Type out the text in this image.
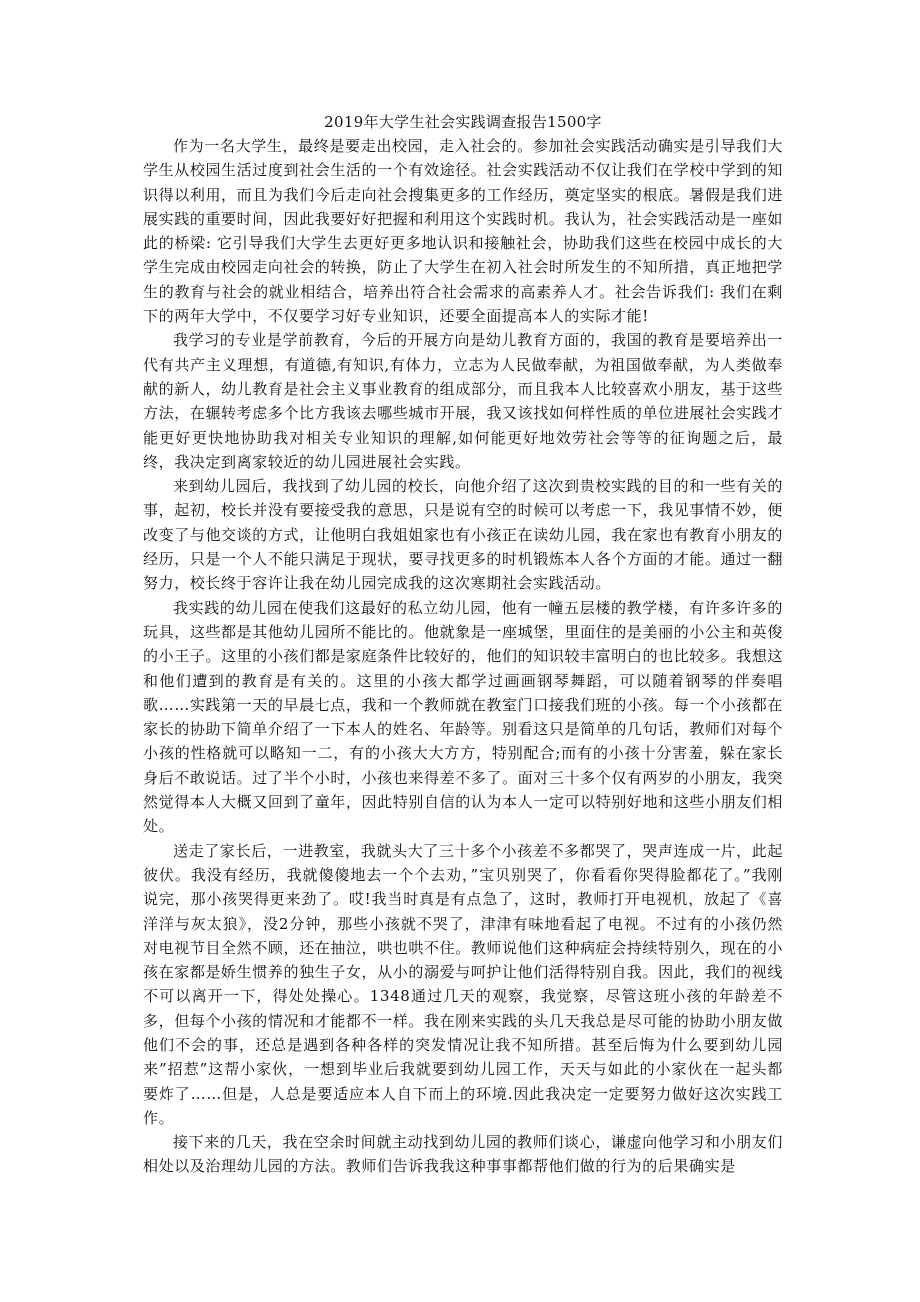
2019年大学生社会实践调查报告1500字

作为一名大学生，最终是要走出校园，走入社会的。参加社会实践活动确实是引导我们大学生从校园生活过度到社会生活的一个有效途径。社会实践活动不仅让我们在学校中学到的知识得以利用，而且为我们今后走向社会搜集更多的工作经历，奠定坚实的根底。暑假是我们进展实践的重要时间，因此我要好好把握和利用这个实践时机。我认为，社会实践活动是一座如此的桥梁: 它引导我们大学生去更好更多地认识和接触社会，协助我们这些在校园中成长的大学生完成由校园走向社会的转换，防止了大学生在初入社会时所发生的不知所措，真正地把学生的教育与社会的就业相结合，培养出符合社会需求的高素养人才。社会告诉我们: 我们在剩下的两年大学中，不仅要学习好专业知识，还要全面提高本人的实际才能!

我学习的专业是学前教育，今后的开展方向是幼儿教育方面的，我国的教育是要培养出一代有共产主义理想，有道德,有知识,有体力，立志为人民做奉献，为祖国做奉献，为人类做奉献的新人，幼儿教育是社会主义事业教育的组成部分，而且我本人比较喜欢小朋友，基于这些方法，在辗转考虑多个比方我该去哪些城市开展，我又该找如何样性质的单位进展社会实践才能更好更快地协助我对相关专业知识的理解,如何能更好地效劳社会等等的征询题之后，最终，我决定到离家较近的幼儿园进展社会实践。

来到幼儿园后，我找到了幼儿园的校长，向他介绍了这次到贵校实践的目的和一些有关的事，起初，校长并没有要接受我的意思，只是说有空的时候可以考虑一下，我见事情不妙，便改变了与他交谈的方式，让他明白我姐姐家也有小孩正在读幼儿园，我在家也有教育小朋友的经历，只是一个人不能只满足于现状，要寻找更多的时机锻炼本人各个方面的才能。通过一翻努力，校长终于容许让我在幼儿园完成我的这次寒期社会实践活动。

我实践的幼儿园在使我们这最好的私立幼儿园，他有一幢五层楼的教学楼，有许多许多的玩具，这些都是其他幼儿园所不能比的。他就象是一座城堡，里面住的是美丽的小公主和英俊的小王子。这里的小孩们都是家庭条件比较好的，他们的知识较丰富明白的也比较多。我想这和他们遭到的教育是有关的。这里的小孩大都学过画画钢琴舞蹈，可以随着钢琴的伴奏唱歌……实践第一天的早晨七点，我和一个教师就在教室门口接我们班的小孩。每一个小孩都在家长的协助下简单介绍了一下本人的姓名、年龄等。别看这只是简单的几句话，教师们对每个小孩的性格就可以略知一二，有的小孩大大方方，特别配合;而有的小孩十分害羞，躲在家长身后不敢说话。过了半个小时，小孩也来得差不多了。面对三十多个仅有两岁的小朋友，我突然觉得本人大概又回到了童年，因此特别自信的认为本人一定可以特别好地和这些小朋友们相处。

送走了家长后，一进教室，我就头大了三十多个小孩差不多都哭了，哭声连成一片，此起彼伏。我没有经历，我就傻傻地去一个个去劝，”宝贝别哭了，你看看你哭得脸都花了。”我刚说完，那小孩哭得更来劲了。哎!我当时真是有点急了，这时，教师打开电视机，放起了《喜洋洋与灰太狼》，没2分钟，那些小孩就不哭了，津津有味地看起了电视。不过有的小孩仍然对电视节目全然不顾，还在抽泣，哄也哄不住。教师说他们这种病症会持续特别久，现在的小孩在家都是娇生惯养的独生子女，从小的溺爱与呵护让他们活得特别自我。因此，我们的视线不可以离开一下，得处处操心。1348通过几天的观察，我觉察，尽管这班小孩的年龄差不多，但每个小孩的情况和才能都不一样。我在刚来实践的头几天我总是尽可能的协助小朋友做他们不会的事，还总是遇到各种各样的突发情况让我不知所措。甚至后悔为什么要到幼儿园来”招惹”这帮小家伙，一想到毕业后我就要到幼儿园工作，天天与如此的小家伙在一起头都要炸了……但是，人总是要适应本人自下而上的环境.因此我决定一定要努力做好这次实践工作。

接下来的几天，我在空余时间就主动找到幼儿园的教师们谈心，谦虚向他学习和小朋友们相处以及治理幼儿园的方法。教师们告诉我我这种事事都帮他们做的行为的后果确实是
